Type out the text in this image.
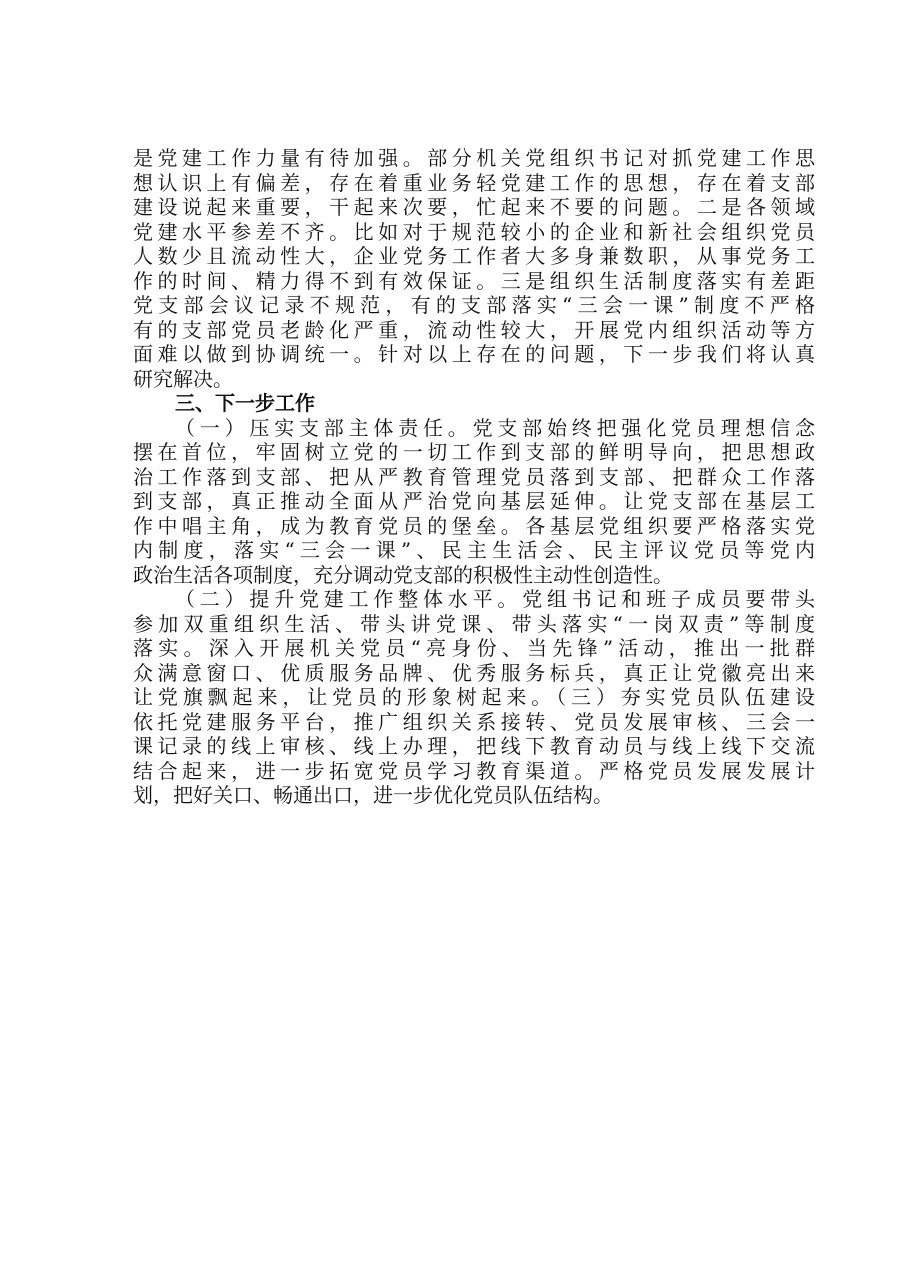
是党建工作力量有待加强。部分机关党组织书记对抓党建工作思
想认识上有偏差，存在着重业务轻党建工作的思想，存在着支部
建设说起来重要，干起来次要，忙起来不要的问题。二是各领域
党建水平参差不齐。比如对于规范较小的企业和新社会组织党员
人数少且流动性大，企业党务工作者大多身兼数职，从事党务工
作的时间、精力得不到有效保证。三是组织生活制度落实有差距
党支部会议记录不规范，有的支部落实“三会一课”制度不严格
有的支部党员老龄化严重，流动性较大，开展党内组织活动等方
面难以做到协调统一。针对以上存在的问题，下一步我们将认真
研究解决。
三、下一步工作
（一）压实支部主体责任。党支部始终把强化党员理想信念
摆在首位，牢固树立党的一切工作到支部的鲜明导向，把思想政
治工作落到支部、把从严教育管理党员落到支部、把群众工作落
到支部，真正推动全面从严治党向基层延伸。让党支部在基层工
作中唱主角，成为教育党员的堡垒。各基层党组织要严格落实党
内制度，落实“三会一课”、民主生活会、民主评议党员等党内
政治生活各项制度，充分调动党支部的积极性主动性创造性。
（二）提升党建工作整体水平。党组书记和班子成员要带头
参加双重组织生活、带头讲党课、带头落实“一岗双责”等制度
落实。深入开展机关党员“亮身份、当先锋”活动，推出一批群
众满意窗口、优质服务品牌、优秀服务标兵，真正让党徽亮出来
让党旗飘起来，让党员的形象树起来。（三）夯实党员队伍建设
依托党建服务平台，推广组织关系接转、党员发展审核、三会一
课记录的线上审核、线上办理，把线下教育动员与线上线下交流
结合起来，进一步拓宽党员学习教育渠道。严格党员发展发展计
划，把好关口、畅通出口，进一步优化党员队伍结构。
